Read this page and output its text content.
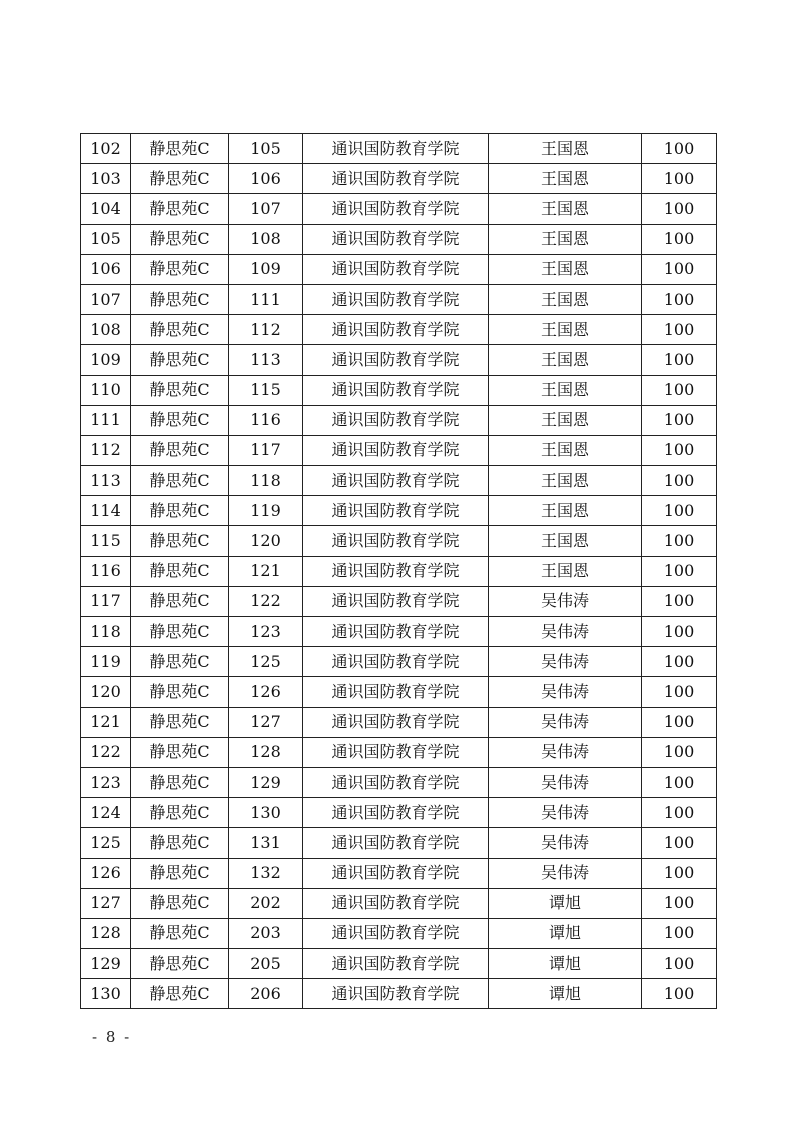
102	静思苑C	105	通识国防教育学院	王国恩	100
103	静思苑C	106	通识国防教育学院	王国恩	100
104	静思苑C	107	通识国防教育学院	王国恩	100
105	静思苑C	108	通识国防教育学院	王国恩	100
106	静思苑C	109	通识国防教育学院	王国恩	100
107	静思苑C	111	通识国防教育学院	王国恩	100
108	静思苑C	112	通识国防教育学院	王国恩	100
109	静思苑C	113	通识国防教育学院	王国恩	100
110	静思苑C	115	通识国防教育学院	王国恩	100
111	静思苑C	116	通识国防教育学院	王国恩	100
112	静思苑C	117	通识国防教育学院	王国恩	100
113	静思苑C	118	通识国防教育学院	王国恩	100
114	静思苑C	119	通识国防教育学院	王国恩	100
115	静思苑C	120	通识国防教育学院	王国恩	100
116	静思苑C	121	通识国防教育学院	王国恩	100
117	静思苑C	122	通识国防教育学院	吴伟涛	100
118	静思苑C	123	通识国防教育学院	吴伟涛	100
119	静思苑C	125	通识国防教育学院	吴伟涛	100
120	静思苑C	126	通识国防教育学院	吴伟涛	100
121	静思苑C	127	通识国防教育学院	吴伟涛	100
122	静思苑C	128	通识国防教育学院	吴伟涛	100
123	静思苑C	129	通识国防教育学院	吴伟涛	100
124	静思苑C	130	通识国防教育学院	吴伟涛	100
125	静思苑C	131	通识国防教育学院	吴伟涛	100
126	静思苑C	132	通识国防教育学院	吴伟涛	100
127	静思苑C	202	通识国防教育学院	谭旭	100
128	静思苑C	203	通识国防教育学院	谭旭	100
129	静思苑C	205	通识国防教育学院	谭旭	100
130	静思苑C	206	通识国防教育学院	谭旭	100
- 8 -
